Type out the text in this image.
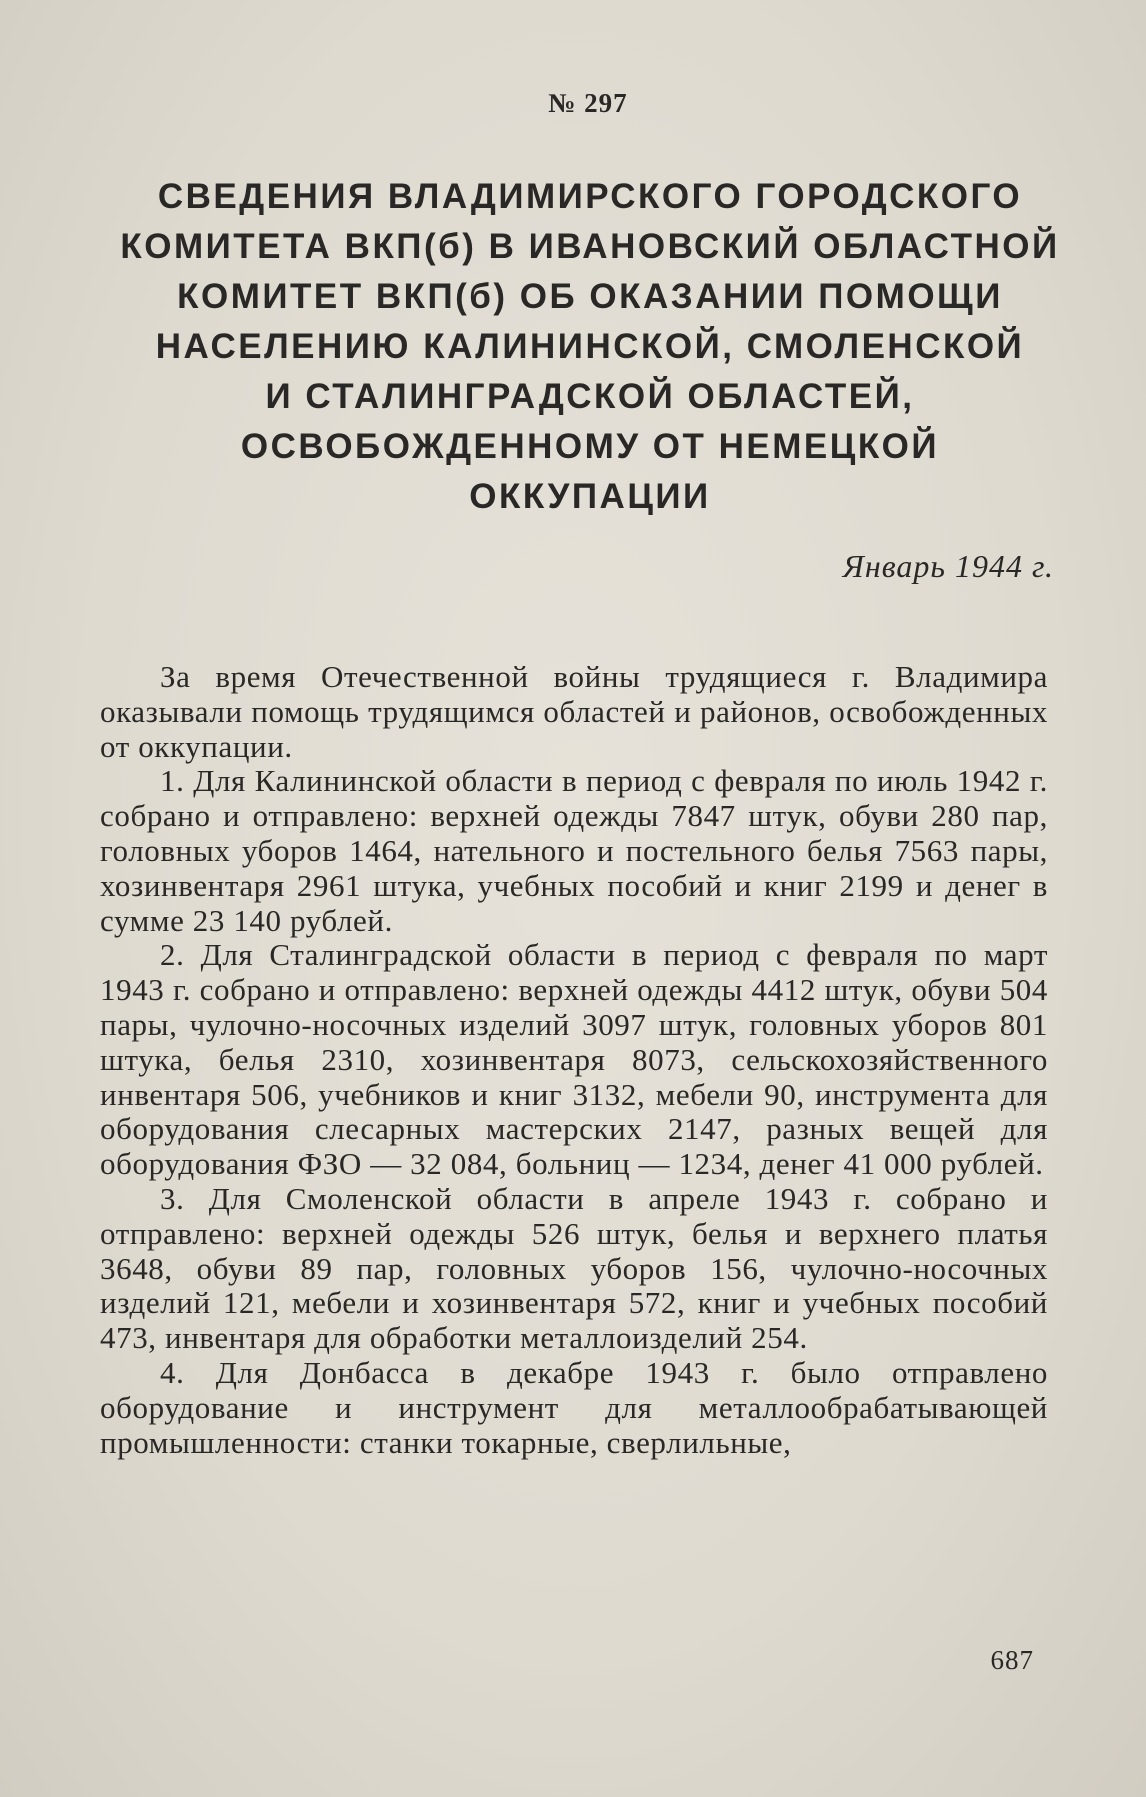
№ 297
СВЕДЕНИЯ ВЛАДИМИРСКОГО ГОРОДСКОГО
КОМИТЕТА ВКП(б) В ИВАНОВСКИЙ ОБЛАСТНОЙ
КОМИТЕТ ВКП(б) ОБ ОКАЗАНИИ ПОМОЩИ
НАСЕЛЕНИЮ КАЛИНИНСКОЙ, СМОЛЕНСКОЙ
И СТАЛИНГРАДСКОЙ ОБЛАСТЕЙ,
ОСВОБОЖДЕННОМУ ОТ НЕМЕЦКОЙ
ОККУПАЦИИ
Январь 1944 г.

За время Отечественной войны трудящиеся г. Владимира оказывали помощь трудящимся областей и районов, освобожденных от оккупации.

1. Для Калининской области в период с февраля по июль 1942 г. собрано и отправлено: верхней одежды 7847 штук, обуви 280 пар, головных уборов 1464, нательного и постельного белья 7563 пары, хозинвентаря 2961 штука, учебных пособий и книг 2199 и денег в сумме 23 140 рублей.

2. Для Сталинградской области в период с февраля по март 1943 г. собрано и отправлено: верхней одежды 4412 штук, обуви 504 пары, чулочно-носочных изделий 3097 штук, головных уборов 801 штука, белья 2310, хозинвентаря 8073, сельскохозяйственного инвентаря 506, учебников и книг 3132, мебели 90, инструмента для оборудования слесарных мастерских 2147, разных вещей для оборудования ФЗО — 32 084, больниц — 1234, денег 41 000 рублей.

3. Для Смоленской области в апреле 1943 г. собрано и отправлено: верхней одежды 526 штук, белья и верхнего платья 3648, обуви 89 пар, головных уборов 156, чулочно-носочных изделий 121, мебели и хозинвентаря 572, книг и учебных пособий 473, инвентаря для обработки металлоизделий 254.

4. Для Донбасса в декабре 1943 г. было отправлено оборудование и инструмент для металлообрабатывающей промышленности: станки токарные, сверлильные,

687
